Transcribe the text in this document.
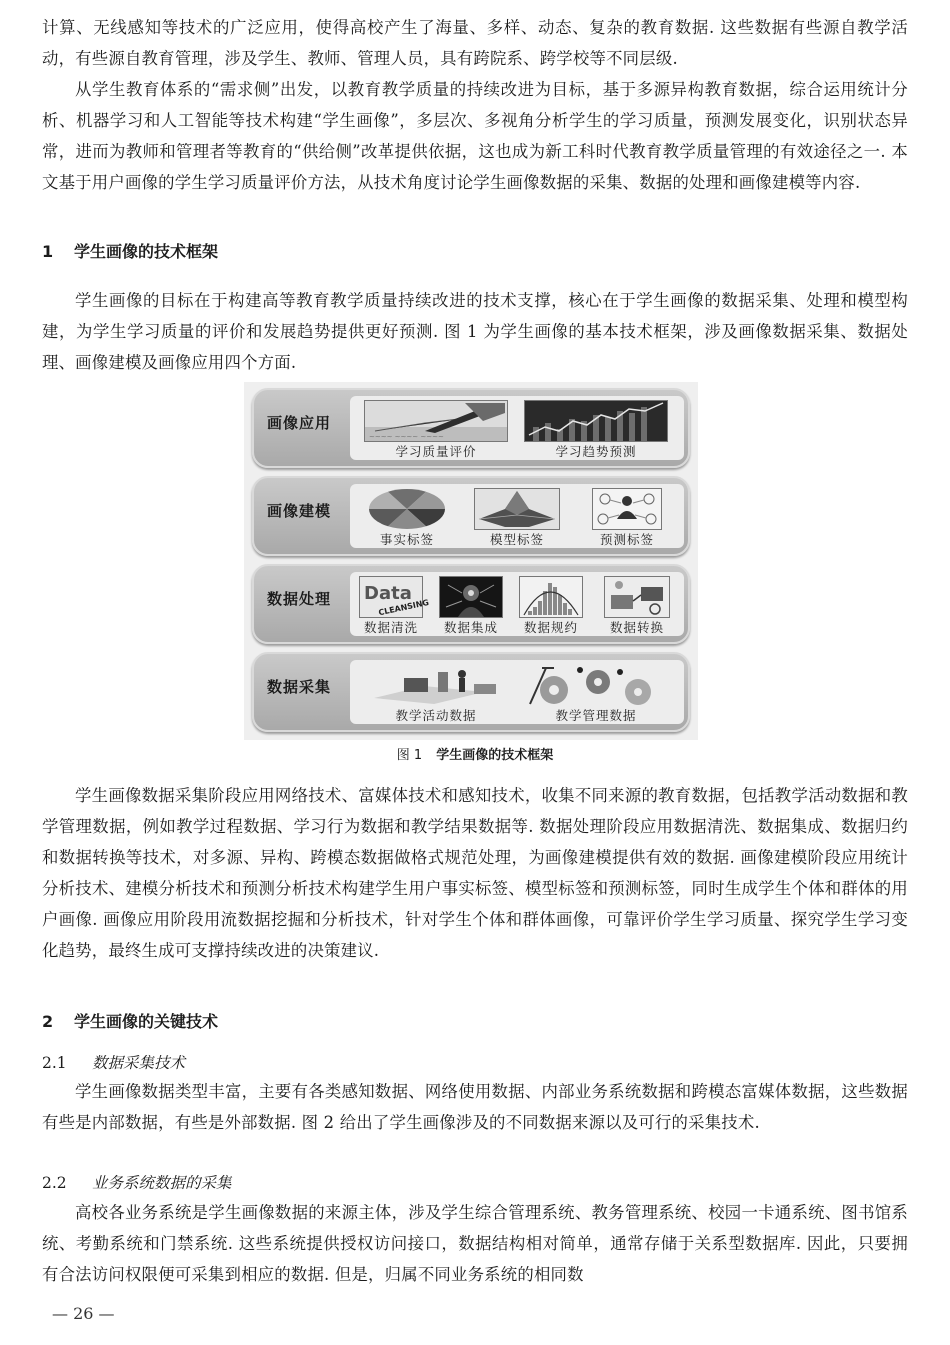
计算、无线感知等技术的广泛应用，使得高校产生了海量、多样、动态、复杂的教育数据. 这些数据有些源自教学活动，有些源自教育管理，涉及学生、教师、管理人员，具有跨院系、跨学校等不同层级.

从学生教育体系的“需求侧”出发，以教育教学质量的持续改进为目标，基于多源异构教育数据，综合运用统计分析、机器学习和人工智能等技术构建“学生画像”，多层次、多视角分析学生的学习质量，预测发展变化，识别状态异常，进而为教师和管理者等教育的“供给侧”改革提供依据，这也成为新工科时代教育教学质量管理的有效途径之一. 本文基于用户画像的学生学习质量评价方法，从技术角度讨论学生画像数据的采集、数据的处理和画像建模等内容.

1 学生画像的技术框架

学生画像的目标在于构建高等教育教学质量持续改进的技术支撑，核心在于学生画像的数据采集、处理和模型构建，为学生学习质量的评价和发展趋势提供更好预测. 图 1 为学生画像的基本技术框架，涉及画像数据采集、数据处理、画像建模及画像应用四个方面.

画像应用
~~~~ ~~~~ ~~~~
学习质量评价	学习趋势预测
画像建模
事实标签	模型标签	预测标签
数据处理 Data
CLEANSING
数据清洗	数据集成	数据规约	数据转换
数据采集
教学活动数据	教学管理数据

图 1 学生画像的技术框架

学生画像数据采集阶段应用网络技术、富媒体技术和感知技术，收集不同来源的教育数据，包括教学活动数据和教学管理数据，例如教学过程数据、学习行为数据和教学结果数据等. 数据处理阶段应用数据清洗、数据集成、数据归约和数据转换等技术，对多源、异构、跨模态数据做格式规范处理，为画像建模提供有效的数据. 画像建模阶段应用统计分析技术、建模分析技术和预测分析技术构建学生用户事实标签、模型标签和预测标签，同时生成学生个体和群体的用户画像. 画像应用阶段用流数据挖掘和分析技术，针对学生个体和群体画像，可靠评价学生学习质量、探究学生学习变化趋势，最终生成可支撑持续改进的决策建议.

2 学生画像的关键技术

2.1 数据采集技术

学生画像数据类型丰富，主要有各类感知数据、网络使用数据、内部业务系统数据和跨模态富媒体数据，这些数据有些是内部数据，有些是外部数据. 图 2 给出了学生画像涉及的不同数据来源以及可行的采集技术.

2.2 业务系统数据的采集

高校各业务系统是学生画像数据的来源主体，涉及学生综合管理系统、教务管理系统、校园一卡通系统、图书馆系统、考勤系统和门禁系统. 这些系统提供授权访问接口，数据结构相对简单，通常存储于关系型数据库. 因此，只要拥有合法访问权限便可采集到相应的数据. 但是，归属不同业务系统的相同数

— 26 —
